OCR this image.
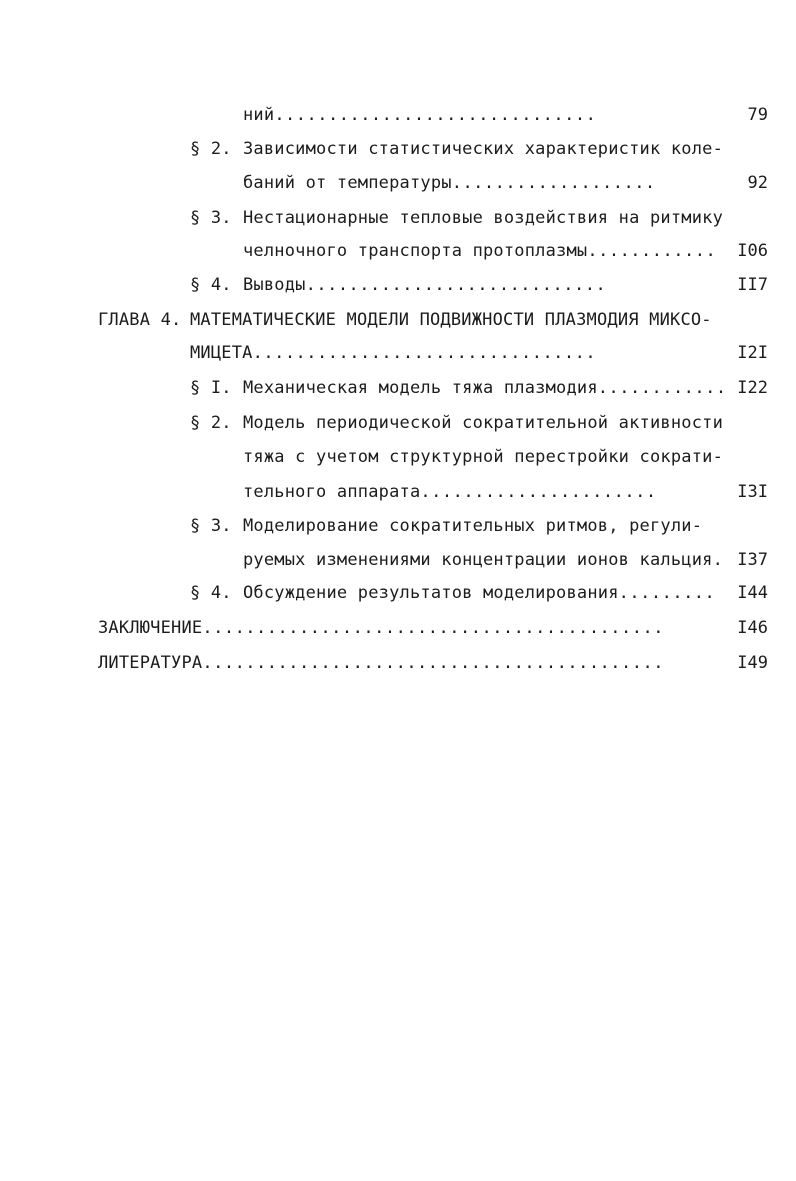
ний..............................	79
§ 2. Зависимости статистических характеристик коле-
баний от температуры...................	92
§ 3. Нестационарные тепловые воздействия на ритмику
челночного транспорта протоплазмы............ I06
§ 4. Выводы............................	II7
ГЛАВА 4. МАТЕМАТИЧЕСКИЕ МОДЕЛИ ПОДВИЖНОСТИ ПЛАЗМОДИЯ МИКСО-
МИЦЕТА................................	I2I
§ I. Механическая модель тяжа плазмодия............ I22
§ 2. Модель периодической сократительной активности
тяжа с учетом структурной перестройки сократи-
тельного аппарата......................	I3I
§ 3. Моделирование сократительных ритмов, регули-
руемых изменениями концентрации ионов кальция. I37
§ 4. Обсуждение результатов моделирования......... I44
ЗАКЛЮЧЕНИЕ...........................................	I46
ЛИТЕРАТУРА...........................................	I49
